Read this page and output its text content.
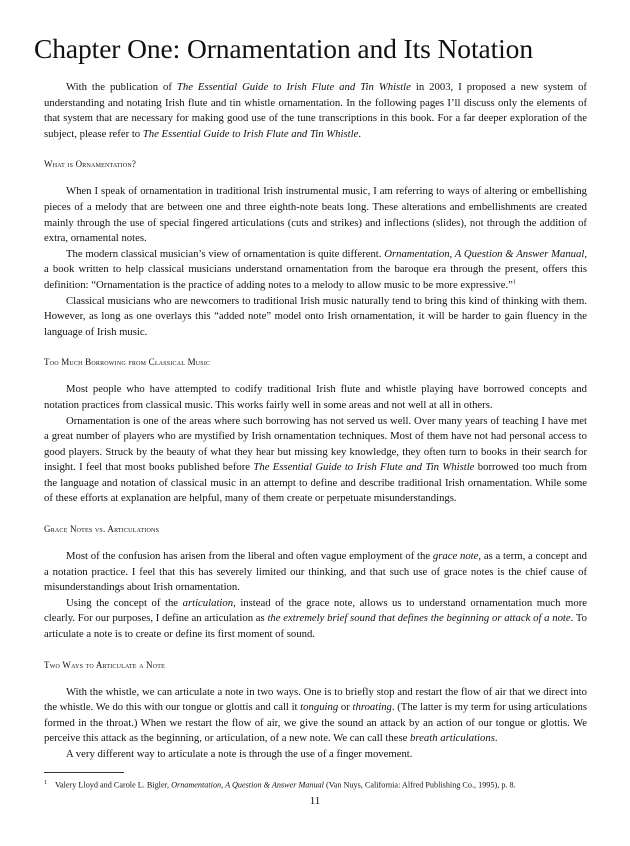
Chapter One: Ornamentation and Its Notation

With the publication of The Essential Guide to Irish Flute and Tin Whistle in 2003, I proposed a new system of understanding and notating Irish flute and tin whistle ornamentation. In the following pages I’ll discuss only the elements of that system that are necessary for making good use of the tune transcriptions in this book. For a far deeper exploration of the subject, please refer to The Essential Guide to Irish Flute and Tin Whistle.

What is Ornamentation?

When I speak of ornamentation in traditional Irish instrumental music, I am referring to ways of altering or embellishing pieces of a melody that are between one and three eighth-note beats long. These alterations and embellishments are created mainly through the use of special fingered articulations (cuts and strikes) and inflections (slides), not through the addition of extra, ornamental notes.

The modern classical musician’s view of ornamentation is quite different. Ornamentation, A Question & Answer Manual, a book written to help classical musicians understand ornamentation from the baroque era through the present, offers this definition: “Ornamentation is the practice of adding notes to a melody to allow music to be more expressive.”$^1$

Classical musicians who are newcomers to traditional Irish music naturally tend to bring this kind of thinking with them. However, as long as one overlays this “added note” model onto Irish ornamentation, it will be harder to gain fluency in the language of Irish music.

Too Much Borrowing from Classical Music

Most people who have attempted to codify traditional Irish flute and whistle playing have borrowed concepts and notation practices from classical music. This works fairly well in some areas and not well at all in others.

Ornamentation is one of the areas where such borrowing has not served us well. Over many years of teaching I have met a great number of players who are mystified by Irish ornamentation techniques. Most of them have not had personal access to good players. Struck by the beauty of what they hear but missing key knowledge, they often turn to books in their search for insight. I feel that most books published before The Essential Guide to Irish Flute and Tin Whistle borrowed too much from the language and notation of classical music in an attempt to define and describe traditional Irish ornamentation. While some of these efforts at explanation are helpful, many of them create or perpetuate misunderstandings.

Grace Notes vs. Articulations

Most of the confusion has arisen from the liberal and often vague employment of the grace note, as a term, a concept and a notation practice. I feel that this has severely limited our thinking, and that such use of grace notes is the chief cause of misunderstandings about Irish ornamentation.

Using the concept of the articulation, instead of the grace note, allows us to understand ornamentation much more clearly. For our purposes, I define an articulation as the extremely brief sound that defines the beginning or attack of a note. To articulate a note is to create or define its first moment of sound.

Two Ways to Articulate a Note

With the whistle, we can articulate a note in two ways. One is to briefly stop and restart the flow of air that we direct into the whistle. We do this with our tongue or glottis and call it tonguing or throating. (The latter is my term for using articulations formed in the throat.) When we restart the flow of air, we give the sound an attack by an action of our tongue or glottis. We perceive this attack as the beginning, or articulation, of a new note. We can call these breath articulations.

A very different way to articulate a note is through the use of a finger movement.

$^1$ Valery Lloyd and Carole L. Bigler, Ornamentation, A Question & Answer Manual (Van Nuys, California: Alfred Publishing Co., 1995), p. 8.
11
